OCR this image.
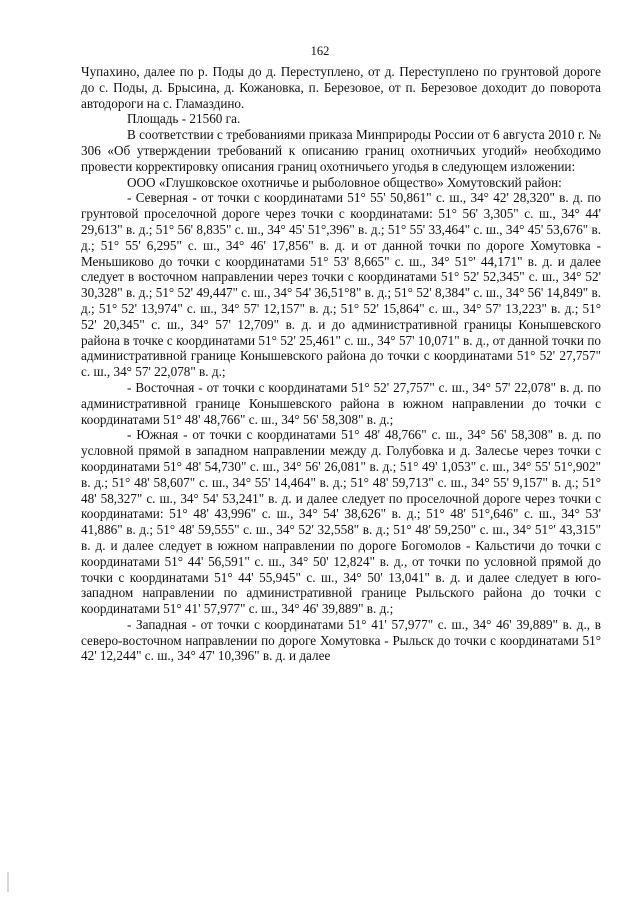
162

Чупахино, далее по р. Поды до д. Переступлено, от д. Переступлено по грунтовой дороге до с. Поды, д. Брысина, д. Кожановка, п. Березовое, от п. Березовое доходит до поворота автодороги на с. Гламаздино.

Площадь - 21560 га.

В соответствии с требованиями приказа Минприроды России от 6 августа 2010 г. № 306 «Об утверждении требований к описанию границ охотничьих угодий» необходимо провести корректировку описания границ охотничьего угодья в следующем изложении:

ООО «Глушковское охотничье и рыболовное общество» Хомутовский район:

- Северная - от точки с координатами 51° 55' 50,861" с. ш., 34° 42' 28,320" в. д. по грунтовой проселочной дороге через точки с координатами: 51° 56' 3,305" с. ш., 34° 44' 29,613" в. д.; 51° 56' 8,835" с. ш., 34° 45' 51°,396" в. д.; 51° 55' 33,464" с. ш., 34° 45' 53,676" в. д.; 51° 55' 6,295" с. ш., 34° 46' 17,856" в. д. и от данной точки по дороге Хомутовка - Меньшиково до точки с координатами 51° 53' 8,665" с. ш., 34° 51°' 44,171" в. д. и далее следует в восточном направлении через точки с координатами 51° 52' 52,345" с. ш., 34° 52' 30,328" в. д.; 51° 52' 49,447" с. ш., 34° 54' 36,51°8" в. д.; 51° 52' 8,384" с. ш., 34° 56' 14,849" в. д.; 51° 52' 13,974" с. ш., 34° 57' 12,157" в. д.; 51° 52' 15,864" с. ш., 34° 57' 13,223" в. д.; 51° 52' 20,345" с. ш., 34° 57' 12,709" в. д. и до административной границы Конышевского района в точке с координатами 51° 52' 25,461" с. ш., 34° 57' 10,071" в. д., от данной точки по административной границе Конышевского района до точки с координатами 51° 52' 27,757" с. ш., 34° 57' 22,078" в. д.;

- Восточная - от точки с координатами 51° 52' 27,757" с. ш., 34° 57' 22,078" в. д. по административной границе Конышевского района в южном направлении до точки с координатами 51° 48' 48,766" с. ш., 34° 56' 58,308" в. д.;

- Южная - от точки с координатами 51° 48' 48,766" с. ш., 34° 56' 58,308" в. д. по условной прямой в западном направлении между д. Голубовка и д. Залесье через точки с координатами 51° 48' 54,730" с. ш., 34° 56' 26,081" в. д.; 51° 49' 1,053" с. ш., 34° 55' 51°,902" в. д.; 51° 48' 58,607" с. ш., 34° 55' 14,464" в. д.; 51° 48' 59,713" с. ш., 34° 55' 9,157" в. д.; 51° 48' 58,327" с. ш., 34° 54' 53,241" в. д. и далее следует по проселочной дороге через точки с координатами: 51° 48' 43,996" с. ш., 34° 54' 38,626" в. д.; 51° 48' 51°,646" с. ш., 34° 53' 41,886" в. д.; 51° 48' 59,555" с. ш., 34° 52' 32,558" в. д.; 51° 48' 59,250" с. ш., 34° 51°' 43,315" в. д. и далее следует в южном направлении по дороге Богомолов - Кальстичи до точки с координатами 51° 44' 56,591" с. ш., 34° 50' 12,824" в. д., от точки по условной прямой до точки с координатами 51° 44' 55,945" с. ш., 34° 50' 13,041" в. д. и далее следует в юго-западном направлении по административной границе Рыльского района до точки с координатами 51° 41' 57,977" с. ш., 34° 46' 39,889" в. д.;

- Западная - от точки с координатами 51° 41' 57,977" с. ш., 34° 46' 39,889" в. д., в северо-восточном направлении по дороге Хомутовка - Рыльск до точки с координатами 51° 42' 12,244" с. ш., 34° 47' 10,396" в. д. и далее
